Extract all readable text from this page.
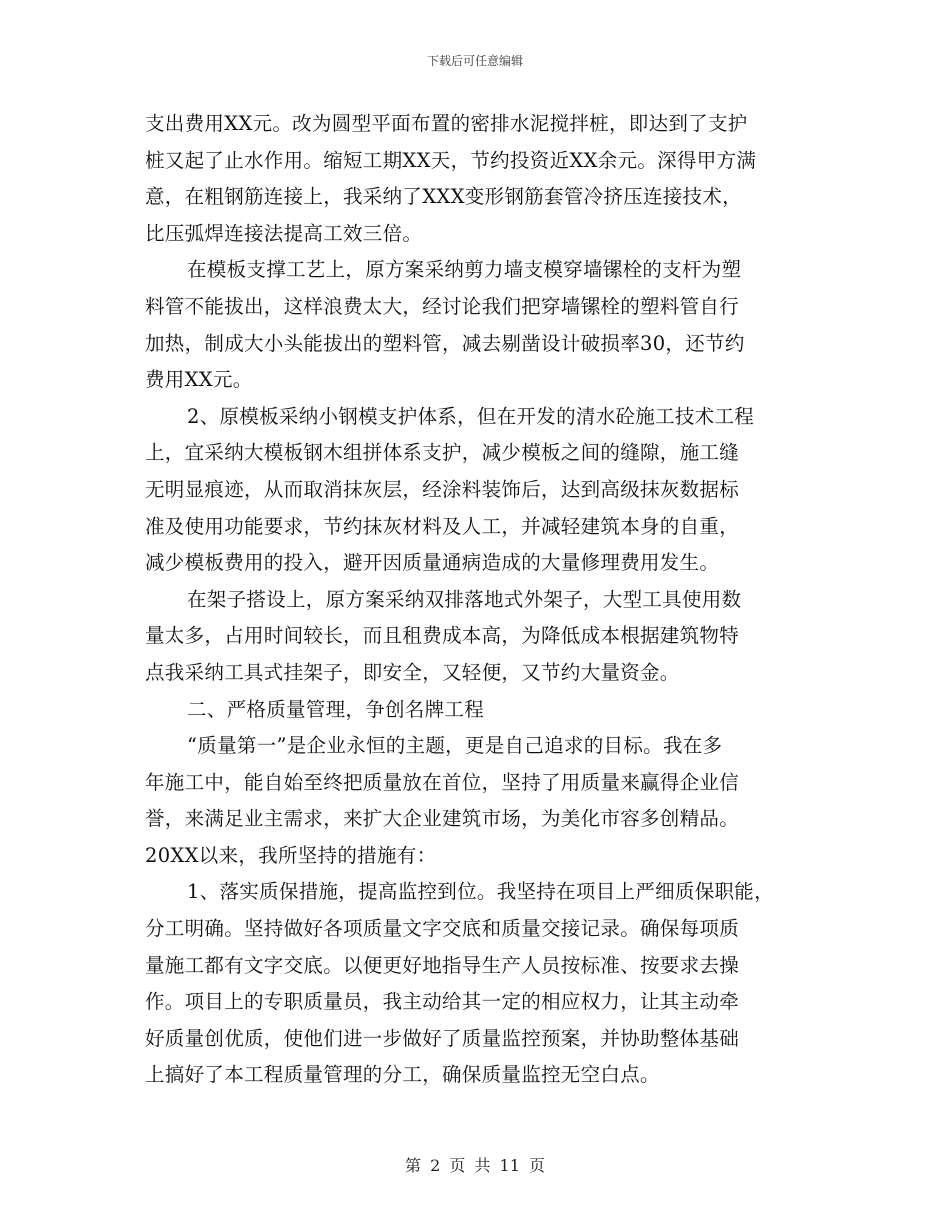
下载后可任意编辑
支出费用XX元。改为圆型平面布置的密排水泥搅拌桩，即达到了支护
桩又起了止水作用。缩短工期XX天，节约投资近XX余元。深得甲方满
意，在粗钢筋连接上，我采纳了XXX变形钢筋套管冷挤压连接技术，
比压弧焊连接法提高工效三倍。
在模板支撑工艺上，原方案采纳剪力墙支模穿墙镙栓的支杆为塑
料管不能拔出，这样浪费太大，经讨论我们把穿墙镙栓的塑料管自行
加热，制成大小头能拔出的塑料管，减去剔凿设计破损率30，还节约
费用XX元。
2、原模板采纳小钢模支护体系，但在开发的清水砼施工技术工程
上，宜采纳大模板钢木组拼体系支护，减少模板之间的缝隙，施工缝
无明显痕迹，从而取消抹灰层，经涂料装饰后，达到高级抹灰数据标
准及使用功能要求，节约抹灰材料及人工，并减轻建筑本身的自重，
减少模板费用的投入，避开因质量通病造成的大量修理费用发生。
在架子搭设上，原方案采纳双排落地式外架子，大型工具使用数
量太多，占用时间较长，而且租费成本高，为降低成本根据建筑物特
点我采纳工具式挂架子，即安全，又轻便，又节约大量资金。
二、严格质量管理，争创名牌工程
“质量第一”是企业永恒的主题，更是自己追求的目标。我在多
年施工中，能自始至终把质量放在首位，坚持了用质量来赢得企业信
誉，来满足业主需求，来扩大企业建筑市场，为美化市容多创精品。
20XX以来，我所坚持的措施有：
1、落实质保措施，提高监控到位。我坚持在项目上严细质保职能，
分工明确。坚持做好各项质量文字交底和质量交接记录。确保每项质
量施工都有文字交底。以便更好地指导生产人员按标准、按要求去操
作。项目上的专职质量员，我主动给其一定的相应权力，让其主动牵
好质量创优质，使他们进一步做好了质量监控预案，并协助整体基础
上搞好了本工程质量管理的分工，确保质量监控无空白点。
第 2 页 共 11 页
